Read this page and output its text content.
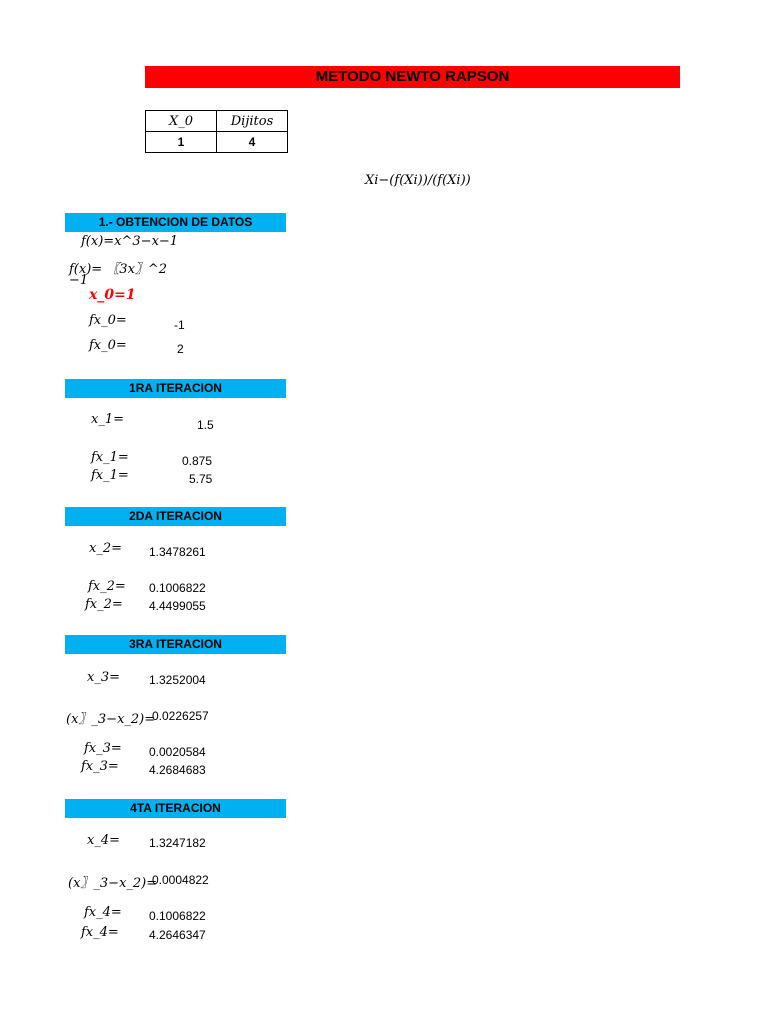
METODO NEWTO RAPSON
X_0	Dijitos
1	4
Xi−(f(Xi))/(f(Xi))
1.- OBTENCION DE DATOS
f(x)=x^3−x−1
f(x)= 〖3x〗^2
−1
x_0=1
fx_0=	-1
fx_0=	2
1RA ITERACION
x_1=	1.5
fx_1=	0.875
fx_1=	5.75
2DA ITERACION
x_2= 1.3478261
fx_2= 0.1006822
fx_2= 4.4499055
3RA ITERACION
x_3= 1.3252004
(x〗_3−x_2)=
0.0226257
fx_3= 0.0020584
fx_3=	4.2684683
4TA ITERACION
x_4= 1.3247182
(x〗_3−x_2)=
0.0004822
fx_4= 0.1006822
fx_4=	4.2646347
